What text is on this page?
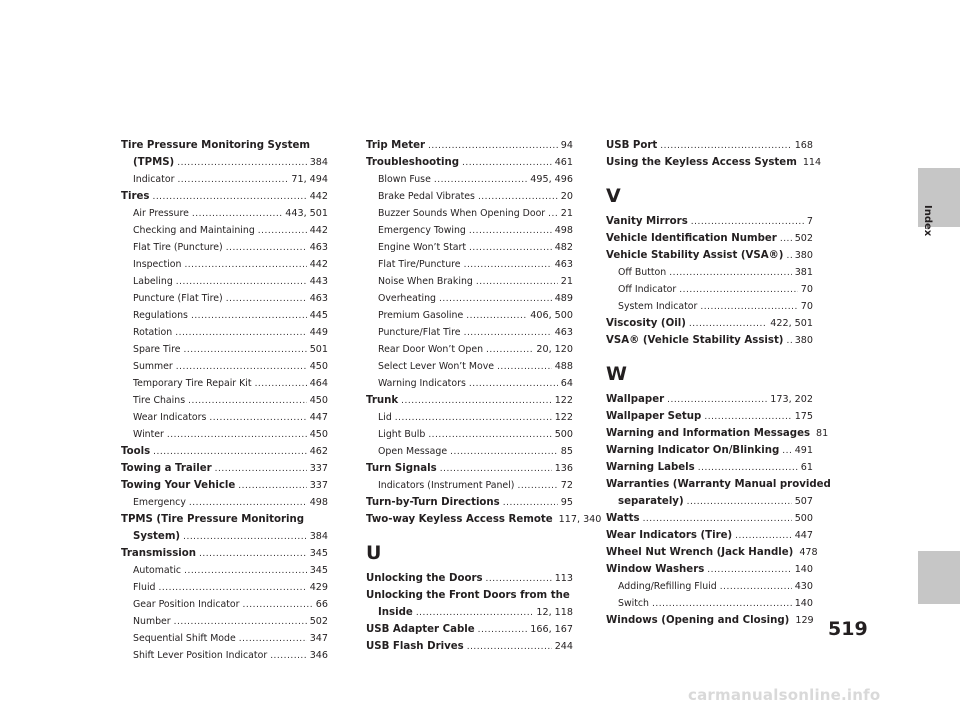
Tire Pressure Monitoring System
(TPMS) .....	384
Indicator .....	71, 494
Tires .....	442
Air Pressure .....	443, 501
Checking and Maintaining .....	442
Flat Tire (Puncture) .....	463
Inspection .....	442
Labeling .....	443
Puncture (Flat Tire) .....	463
Regulations .....	445
Rotation .....	449
Spare Tire .....	501
Summer .....	450
Temporary Tire Repair Kit .....	464
Tire Chains .....	450
Wear Indicators .....	447
Winter .....	450
Tools .....	462
Towing a Trailer .....	337
Towing Your Vehicle .....	337
Emergency .....	498
TPMS (Tire Pressure Monitoring
System) .....	384
Transmission .....	345
Automatic .....	345
Fluid .....	429
Gear Position Indicator .....	66
Number .....	502
Sequential Shift Mode .....	347
Shift Lever Position Indicator .....	346
Trip Meter .....	94
Troubleshooting .....	461
Blown Fuse .....	495, 496
Brake Pedal Vibrates .....	20
Buzzer Sounds When Opening Door ..... 21
Emergency Towing .....	498
Engine Won’t Start .....	482
Flat Tire/Puncture .....	463
Noise When Braking .....	21
Overheating .....	489
Premium Gasoline .....	406, 500
Puncture/Flat Tire .....	463
Rear Door Won’t Open .....	20, 120
Select Lever Won’t Move .....	488
Warning Indicators .....	64
Trunk .....	122
Lid .....	122
Light Bulb .....	500
Open Message .....	85
Turn Signals .....	136
Indicators (Instrument Panel) .....	72
Turn-by-Turn Directions .....	95
Two-way Keyless Access Remote 117, 340
U
Unlocking the Doors .....	113
Unlocking the Front Doors from the
Inside .....	12, 118
USB Adapter Cable .....	166, 167
USB Flash Drives .....	244
USB Port .....	168
Using the Keyless Access System 114
V
Vanity Mirrors .....	7
Vehicle Identification Number ..... 502
Vehicle Stability Assist (VSA®) ..... 380
Off Button .....	381
Off Indicator .....	70
System Indicator .....	70
Viscosity (Oil) .....	422, 501
VSA® (Vehicle Stability Assist) ..... 380
W
Wallpaper .....	173, 202
Wallpaper Setup .....	175
Warning and Information Messages 81
Warning Indicator On/Blinking ..... 491
Warning Labels .....	61
Warranties (Warranty Manual provided
separately) .....	507
Watts .....	500
Wear Indicators (Tire) .....	447
Wheel Nut Wrench (Jack Handle) 478
Window Washers .....	140
Adding/Refilling Fluid .....	430
Switch .....	140
Windows (Opening and Closing) 129
Index
519
carmanualsonline.info
